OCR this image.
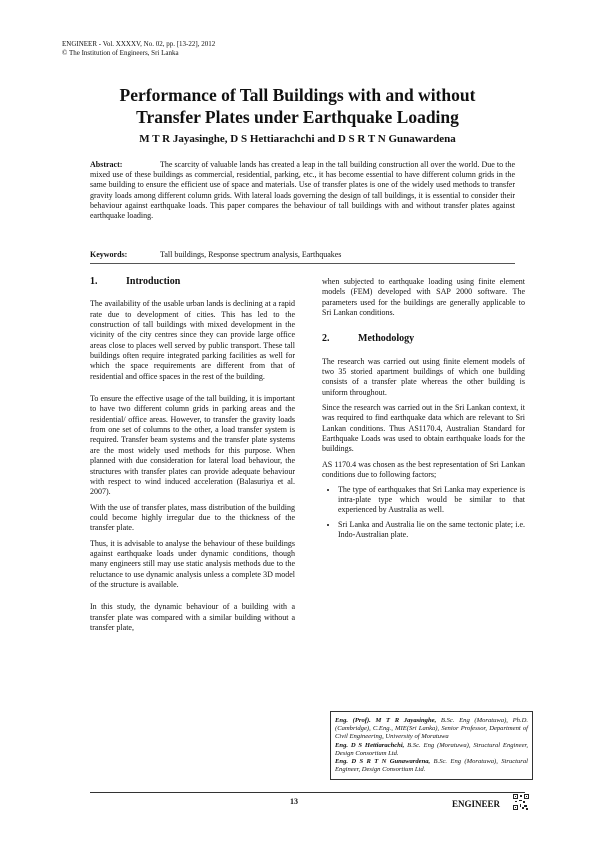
ENGINEER - Vol. XXXXV, No. 02, pp. [13-22], 2012
© The Institution of Engineers, Sri Lanka
Performance of Tall Buildings with and without
Transfer Plates under Earthquake Loading
M T R Jayasinghe, D S Hettiarachchi and D S R T N Gunawardena
Abstract:	The scarcity of valuable lands has created a leap in the tall building construction all over the world. Due to the mixed use of these buildings as commercial, residential, parking, etc., it has become essential to have different column grids in the same building to ensure the efficient use of space and materials. Use of transfer plates is one of the widely used methods to transfer gravity loads among different column grids. With lateral loads governing the design of tall buildings, it is essential to consider their behaviour against earthquake loads. This paper compares the behaviour of tall buildings with and without transfer plates against earthquake loading.
Keywords:	Tall buildings, Response spectrum analysis, Earthquakes
1.	Introduction

The availability of the usable urban lands is declining at a rapid rate due to development of cities. This has led to the construction of tall buildings with mixed development in the vicinity of the city centres since they can provide large office areas close to places well served by public transport. These tall buildings often require integrated parking facilities as well for which the space requirements are different from that of residential and office spaces in the rest of the building.

To ensure the effective usage of the tall building, it is important to have two different column grids in parking areas and the residential/ office areas. However, to transfer the gravity loads from one set of columns to the other, a load transfer system is required. Transfer beam systems and the transfer plate systems are the most widely used methods for this purpose. When planned with due consideration for lateral load behaviour, the structures with transfer plates can provide adequate behaviour with respect to wind induced acceleration (Balasuriya et al. 2007).

With the use of transfer plates, mass distribution of the building could become highly irregular due to the thickness of the transfer plate.

Thus, it is advisable to analyse the behaviour of these buildings against earthquake loads under dynamic conditions, though many engineers still may use static analysis methods due to the reluctance to use dynamic analysis unless a complete 3D model of the structure is available.

In this study, the dynamic behaviour of a building with a transfer plate was compared with a similar building without a transfer plate,

when subjected to earthquake loading using finite element models (FEM) developed with SAP 2000 software. The parameters used for the buildings are generally applicable to Sri Lankan conditions.

2.	Methodology

The research was carried out using finite element models of two 35 storied apartment buildings of which one building consists of a transfer plate whereas the other building is uniform throughout.

Since the research was carried out in the Sri Lankan context, it was required to find earthquake data which are relevant to Sri Lankan conditions. Thus AS1170.4, Australian Standard for Earthquake Loads was used to obtain earthquake loads for the buildings.

AS 1170.4 was chosen as the best representation of Sri Lankan conditions due to following factors;

• The type of earthquakes that Sri Lanka may experience is intra-plate type which would be similar to that experienced by Australia as well.
• Sri Lanka and Australia lie on the same tectonic plate; i.e. Indo-Australian plate.

Eng. (Prof). M T R Jayasinghe, B.Sc. Eng (Moratuwa), Ph.D. (Cambridge), C.Eng., MIE(Sri Lanka), Senior Professor, Department of Civil Engineering, University of Moratuwa

Eng. D S Hettiarachchi, B.Sc. Eng (Moratuwa), Structural Engineer, Design Consortium Ltd.

Eng. D S R T N Gunawardena, B.Sc. Eng (Moratuwa), Structural Engineer, Design Consortium Ltd.

13	ENGINEER
